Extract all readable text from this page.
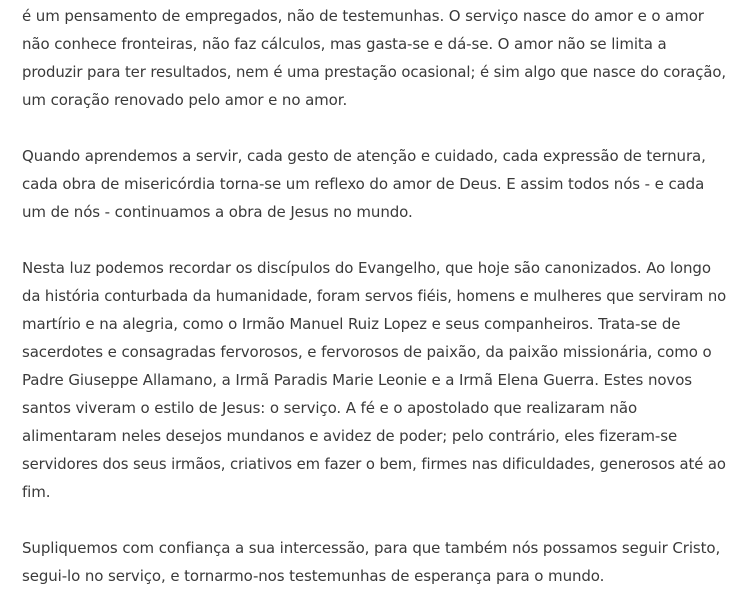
é um pensamento de empregados, não de testemunhas. O serviço nasce do amor e o amor
não conhece fronteiras, não faz cálculos, mas gasta-se e dá-se. O amor não se limita a
produzir para ter resultados, nem é uma prestação ocasional; é sim algo que nasce do coração,
um coração renovado pelo amor e no amor.

Quando aprendemos a servir, cada gesto de atenção e cuidado, cada expressão de ternura,
cada obra de misericórdia torna-se um reflexo do amor de Deus. E assim todos nós - e cada
um de nós - continuamos a obra de Jesus no mundo.

Nesta luz podemos recordar os discípulos do Evangelho, que hoje são canonizados. Ao longo
da história conturbada da humanidade, foram servos fiéis, homens e mulheres que serviram no
martírio e na alegria, como o Irmão Manuel Ruiz Lopez e seus companheiros. Trata-se de
sacerdotes e consagradas fervorosos, e fervorosos de paixão, da paixão missionária, como o
Padre Giuseppe Allamano, a Irmã Paradis Marie Leonie e a Irmã Elena Guerra. Estes novos
santos viveram o estilo de Jesus: o serviço. A fé e o apostolado que realizaram não
alimentaram neles desejos mundanos e avidez de poder; pelo contrário, eles fizeram-se
servidores dos seus irmãos, criativos em fazer o bem, firmes nas dificuldades, generosos até ao
fim.

Supliquemos com confiança a sua intercessão, para que também nós possamos seguir Cristo,
segui-lo no serviço, e tornarmo-nos testemunhas de esperança para o mundo.
